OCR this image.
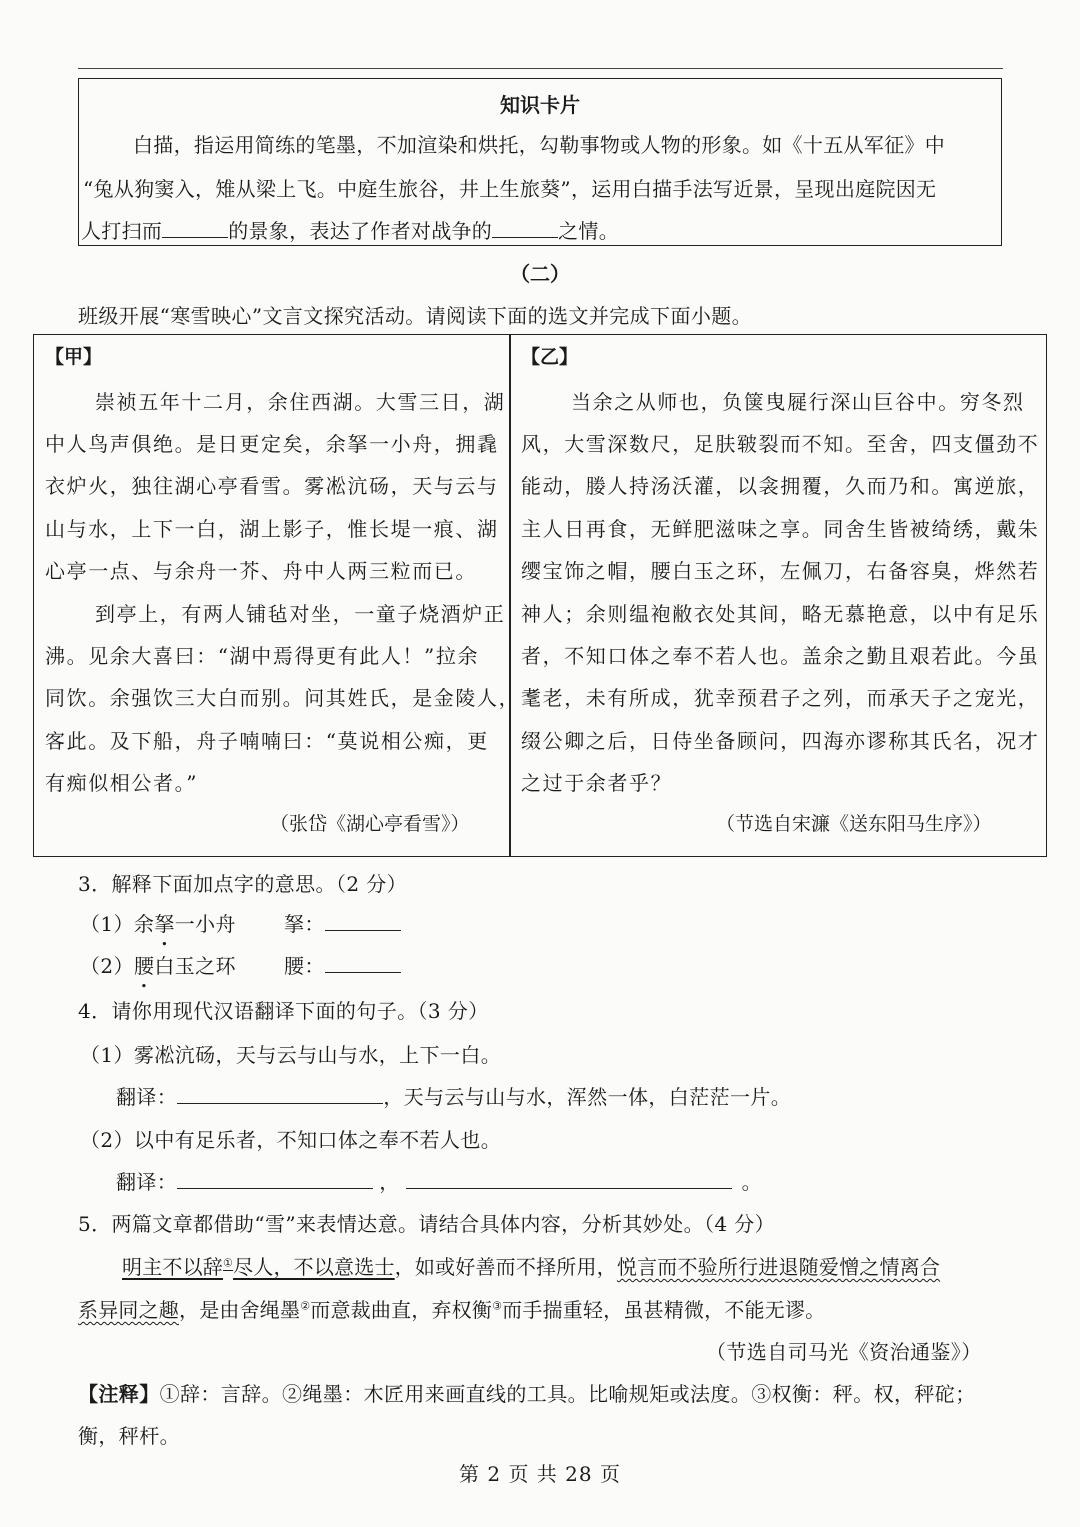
知识卡片
白描，指运用简练的笔墨，不加渲染和烘托，勾勒事物或人物的形象。如《十五从军征》中
“兔从狗窦入，雉从梁上飞。中庭生旅谷，井上生旅葵”，运用白描手法写近景，呈现出庭院因无
人打扫而	的景象，表达了作者对战争的	之情。
（二）
班级开展“寒雪映心”文言文探究活动。请阅读下面的选文并完成下面小题。
【甲】
崇祯五年十二月，余住西湖。大雪三日，湖
中人鸟声俱绝。是日更定矣，余拏一小舟，拥毳
衣炉火，独往湖心亭看雪。雾凇沆砀，天与云与
山与水，上下一白，湖上影子，惟长堤一痕、湖
心亭一点、与余舟一芥、舟中人两三粒而已。
到亭上，有两人铺毡对坐，一童子烧酒炉正
沸。见余大喜曰：“湖中焉得更有此人！”拉余
同饮。余强饮三大白而别。问其姓氏，是金陵人，
客此。及下船，舟子喃喃曰：“莫说相公痴，更
有痴似相公者。”
（张岱《湖心亭看雪》）
【乙】
当余之从师也，负箧曳屣行深山巨谷中。穷冬烈
风，大雪深数尺，足肤皲裂而不知。至舍，四支僵劲不
能动，媵人持汤沃灌，以衾拥覆，久而乃和。寓逆旅，
主人日再食，无鲜肥滋味之享。同舍生皆被绮绣，戴朱
缨宝饰之帽，腰白玉之环，左佩刀，右备容臭，烨然若
神人；余则缊袍敝衣处其间，略无慕艳意，以中有足乐
者，不知口体之奉不若人也。盖余之勤且艰若此。今虽
耄老，未有所成，犹幸预君子之列，而承天子之宠光，
缀公卿之后，日侍坐备顾问，四海亦谬称其氏名，况才
之过于余者乎？
（节选自宋濂《送东阳马生序》）
3．解释下面加点字的意思。（2 分）
（1）余拏一小舟 拏：
（2）腰白玉之环 腰：
4．请你用现代汉语翻译下面的句子。（3 分）
（1）雾凇沆砀，天与云与山与水，上下一白。
翻译：	，天与云与山与水，浑然一体，白茫茫一片。
（2）以中有足乐者，不知口体之奉不若人也。
翻译：	，	。
5．两篇文章都借助“雪”来表情达意。请结合具体内容，分析其妙处。（4 分）
明主不以辞①尽人，不以意选士，如或好善而不择所用，悦言而不验所行进退随爱憎之情离合
系异同之趣，是由舍绳墨②而意裁曲直，弃权衡③而手揣重轻，虽甚精微，不能无谬。
（节选自司马光《资治通鉴》）
【注释】①辞：言辞。②绳墨：木匠用来画直线的工具。比喻规矩或法度。③权衡：秤。权，秤砣；
衡，秤杆。
第 2 页 共 28 页
